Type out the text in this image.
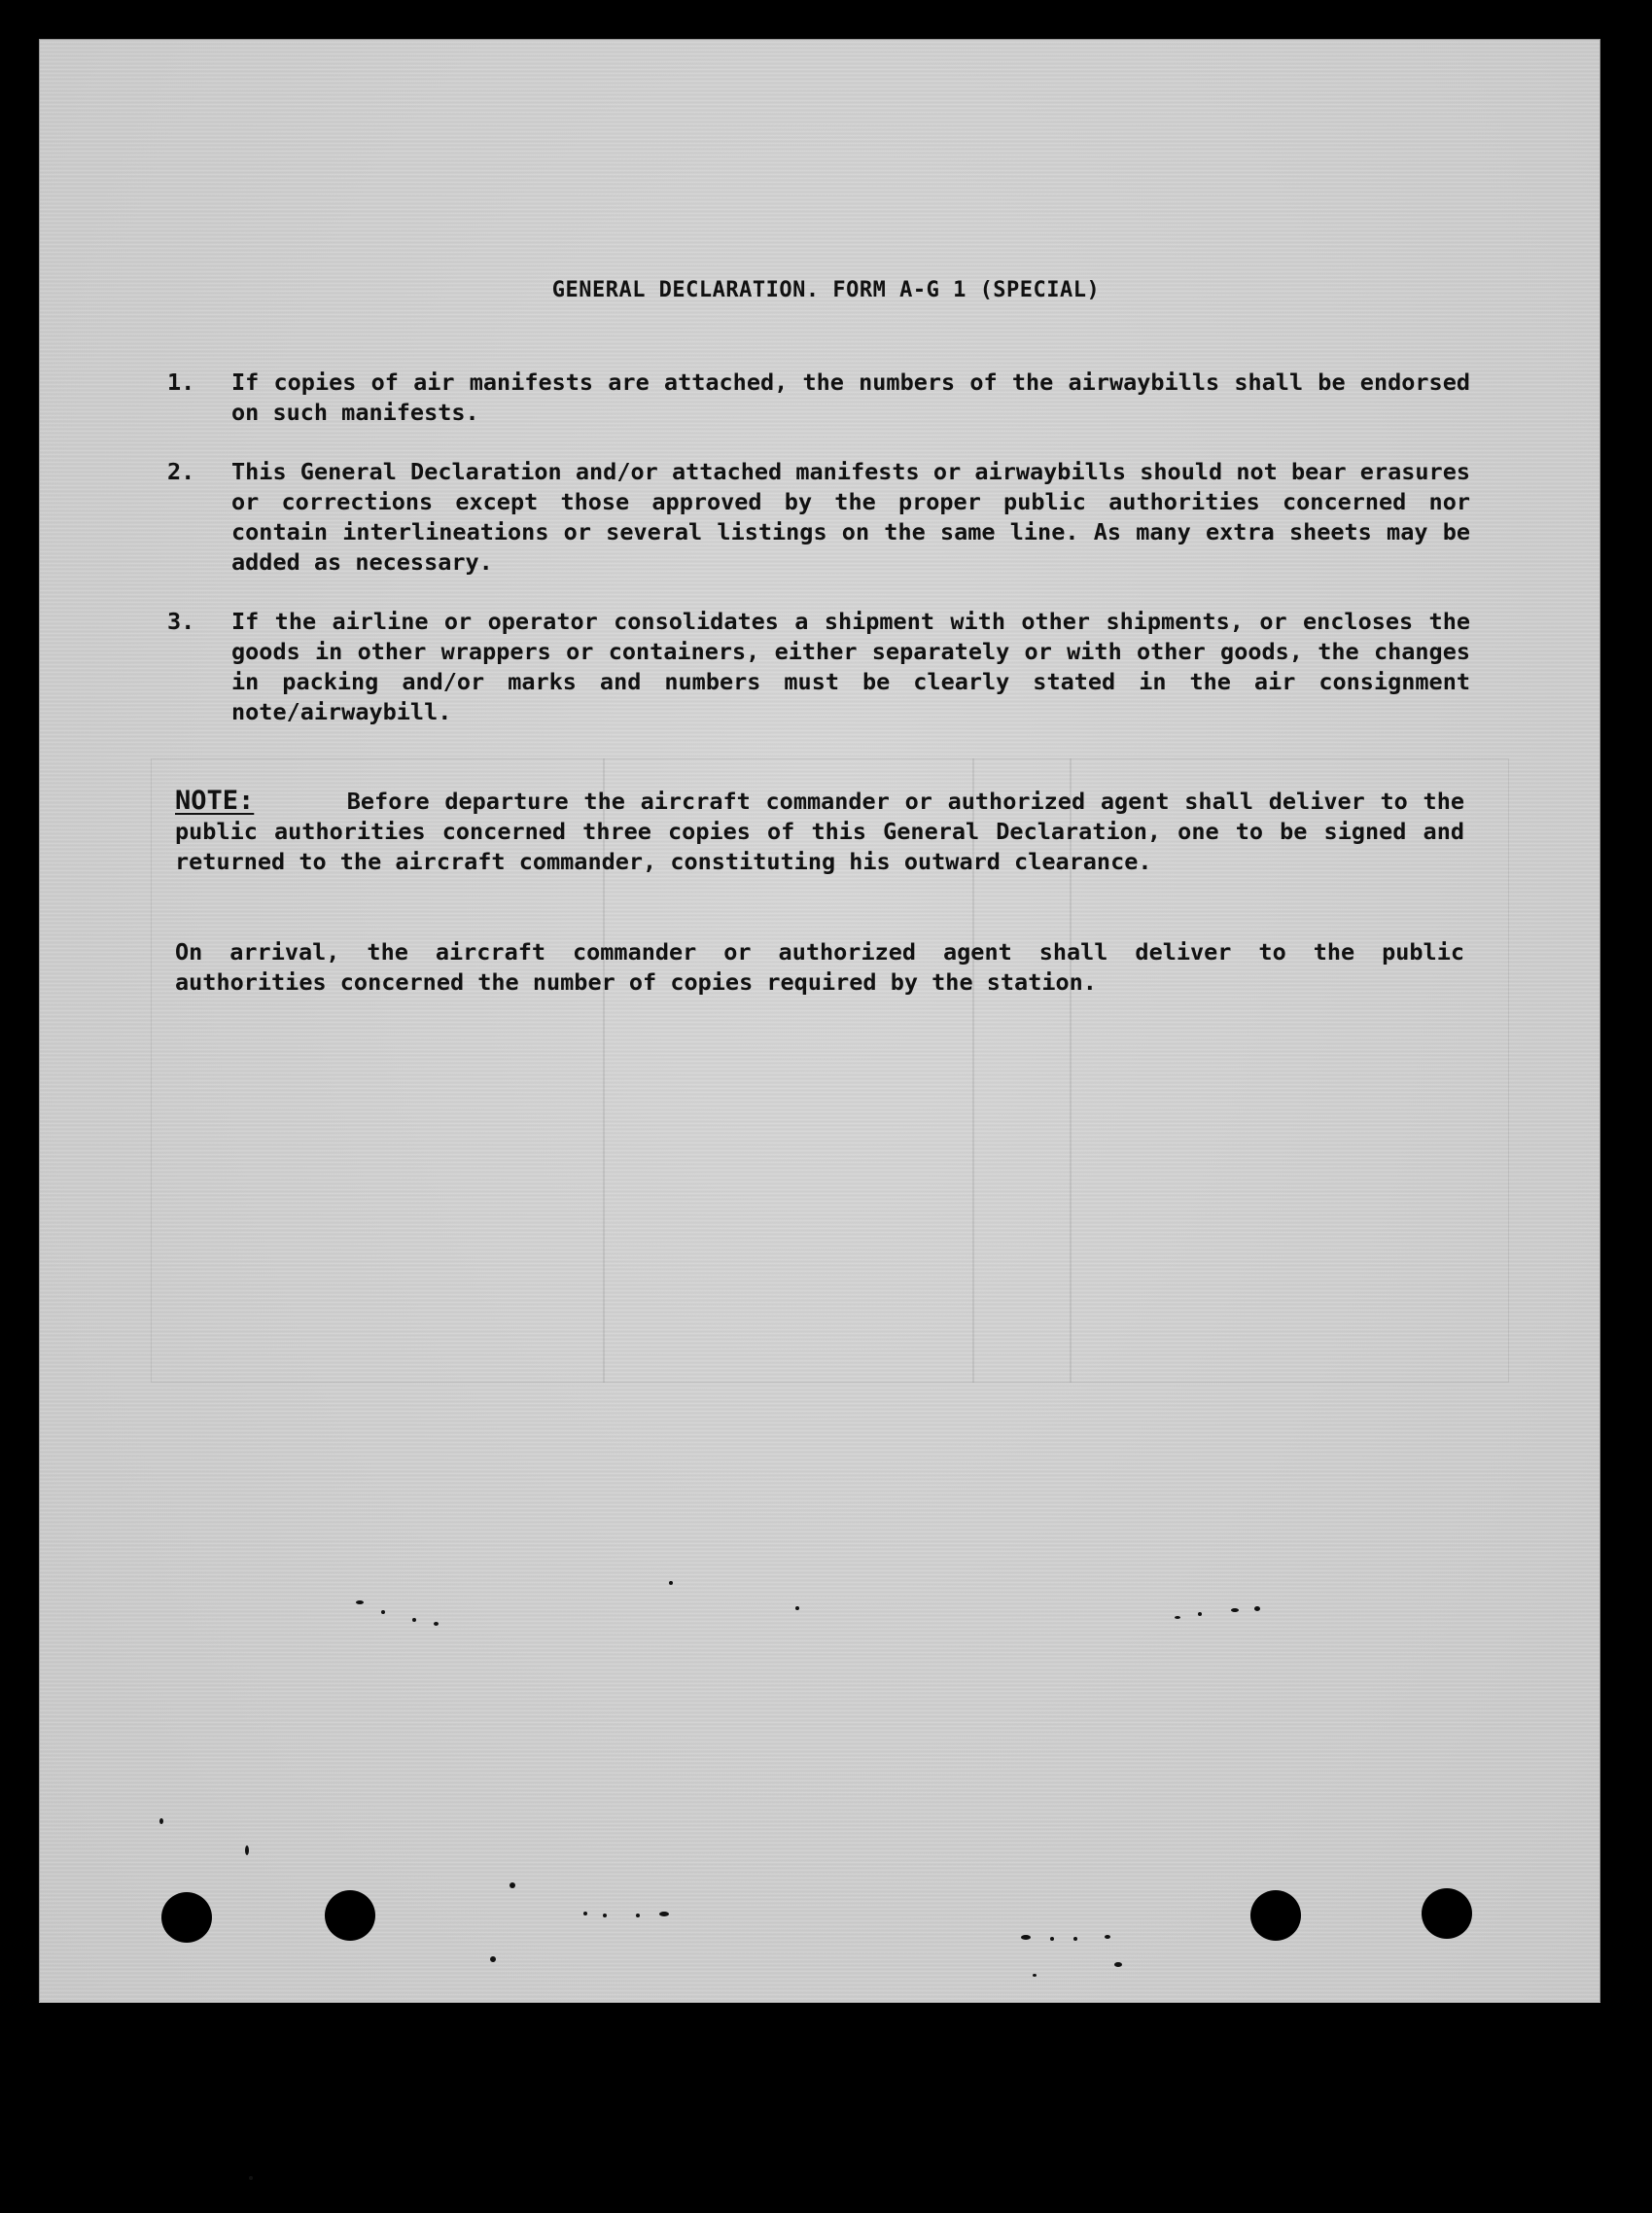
GENERAL DECLARATION. FORM A-G 1 (SPECIAL)
1.	If copies of air manifests are attached, the numbers of the airwaybills shall be endorsed on such manifests.
2.	This General Declaration and/or attached manifests or airwaybills should not bear erasures or corrections except those approved by the proper public authorities concerned nor contain interlineations or several listings on the same line. As many extra sheets may be added as necessary.
3.	If the airline or operator consolidates a shipment with other shipments, or encloses the goods in other wrappers or containers, either separately or with other goods, the changes in packing and/or marks and numbers must be clearly stated in the air consignment note/airwaybill.
NOTE:	Before departure the aircraft commander or authorized agent shall deliver to the public authorities concerned three copies of this General Declaration, one to be signed and returned to the aircraft commander, constituting his outward clearance.
On arrival, the aircraft commander or authorized agent shall deliver to the public authorities concerned the number of copies required by the station.
